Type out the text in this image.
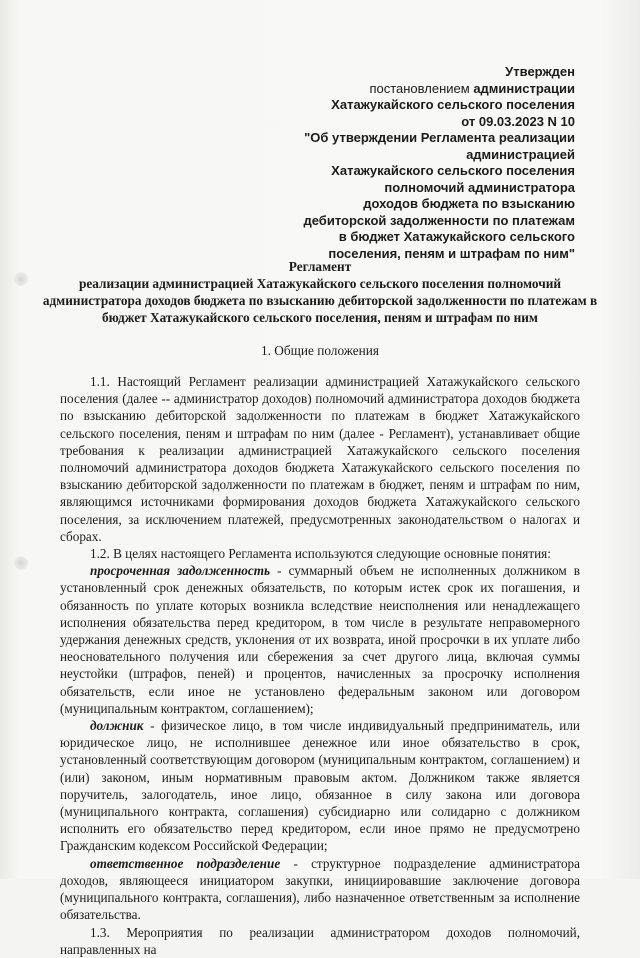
Утвержден
постановлением администрации
Хатажукайского сельского поселения
от 09.03.2023 N 10
"Об утверждении Регламента реализации
администрацией
Хатажукайского сельского поселения
полномочий администратора
доходов бюджета по взысканию
дебиторской задолженности по платежам
в бюджет Хатажукайского сельского
поселения, пеням и штрафам по ним"
Регламент
реализации администрацией Хатажукайского сельского поселения полномочий администратора доходов бюджета по взысканию дебиторской задолженности по платежам в бюджет Хатажукайского сельского поселения, пеням и штрафам по ним
1. Общие положения

1.1. Настоящий Регламент реализации администрацией Хатажукайского сельского поселения (далее -- администратор доходов) полномочий администратора доходов бюджета по взысканию дебиторской задолженности по платежам в бюджет Хатажукайского сельского поселения, пеням и штрафам по ним (далее - Регламент), устанавливает общие требования к реализации администрацией Хатажукайского сельского поселения полномочий администратора доходов бюджета Хатажукайского сельского поселения по взысканию дебиторской задолженности по платежам в бюджет, пеням и штрафам по ним, являющимся источниками формирования доходов бюджета Хатажукайского сельского поселения, за исключением платежей, предусмотренных законодательством о налогах и сборах.

1.2. В целях настоящего Регламента используются следующие основные понятия:

просроченная задолженность - суммарный объем не исполненных должником в установленный срок денежных обязательств, по которым истек срок их погашения, и обязанность по уплате которых возникла вследствие неисполнения или ненадлежащего исполнения обязательства перед кредитором, в том числе в результате неправомерного удержания денежных средств, уклонения от их возврата, иной просрочки в их уплате либо неосновательного получения или сбережения за счет другого лица, включая суммы неустойки (штрафов, пеней) и процентов, начисленных за просрочку исполнения обязательств, если иное не установлено федеральным законом или договором (муниципальным контрактом, соглашением);

должник - физическое лицо, в том числе индивидуальный предприниматель, или юридическое лицо, не исполнившее денежное или иное обязательство в срок, установленный соответствующим договором (муниципальным контрактом, соглашением) и (или) законом, иным нормативным правовым актом. Должником также является поручитель, залогодатель, иное лицо, обязанное в силу закона или договора (муниципального контракта, соглашения) субсидиарно или солидарно с должником исполнить его обязательство перед кредитором, если иное прямо не предусмотрено Гражданским кодексом Российской Федерации;

ответственное подразделение - структурное подразделение администратора доходов, являющееся инициатором закупки, инициировавшие заключение договора (муниципального контракта, соглашения), либо назначенное ответственным за исполнение обязательства.

1.3. Мероприятия по реализации администратором доходов полномочий, направленных на
